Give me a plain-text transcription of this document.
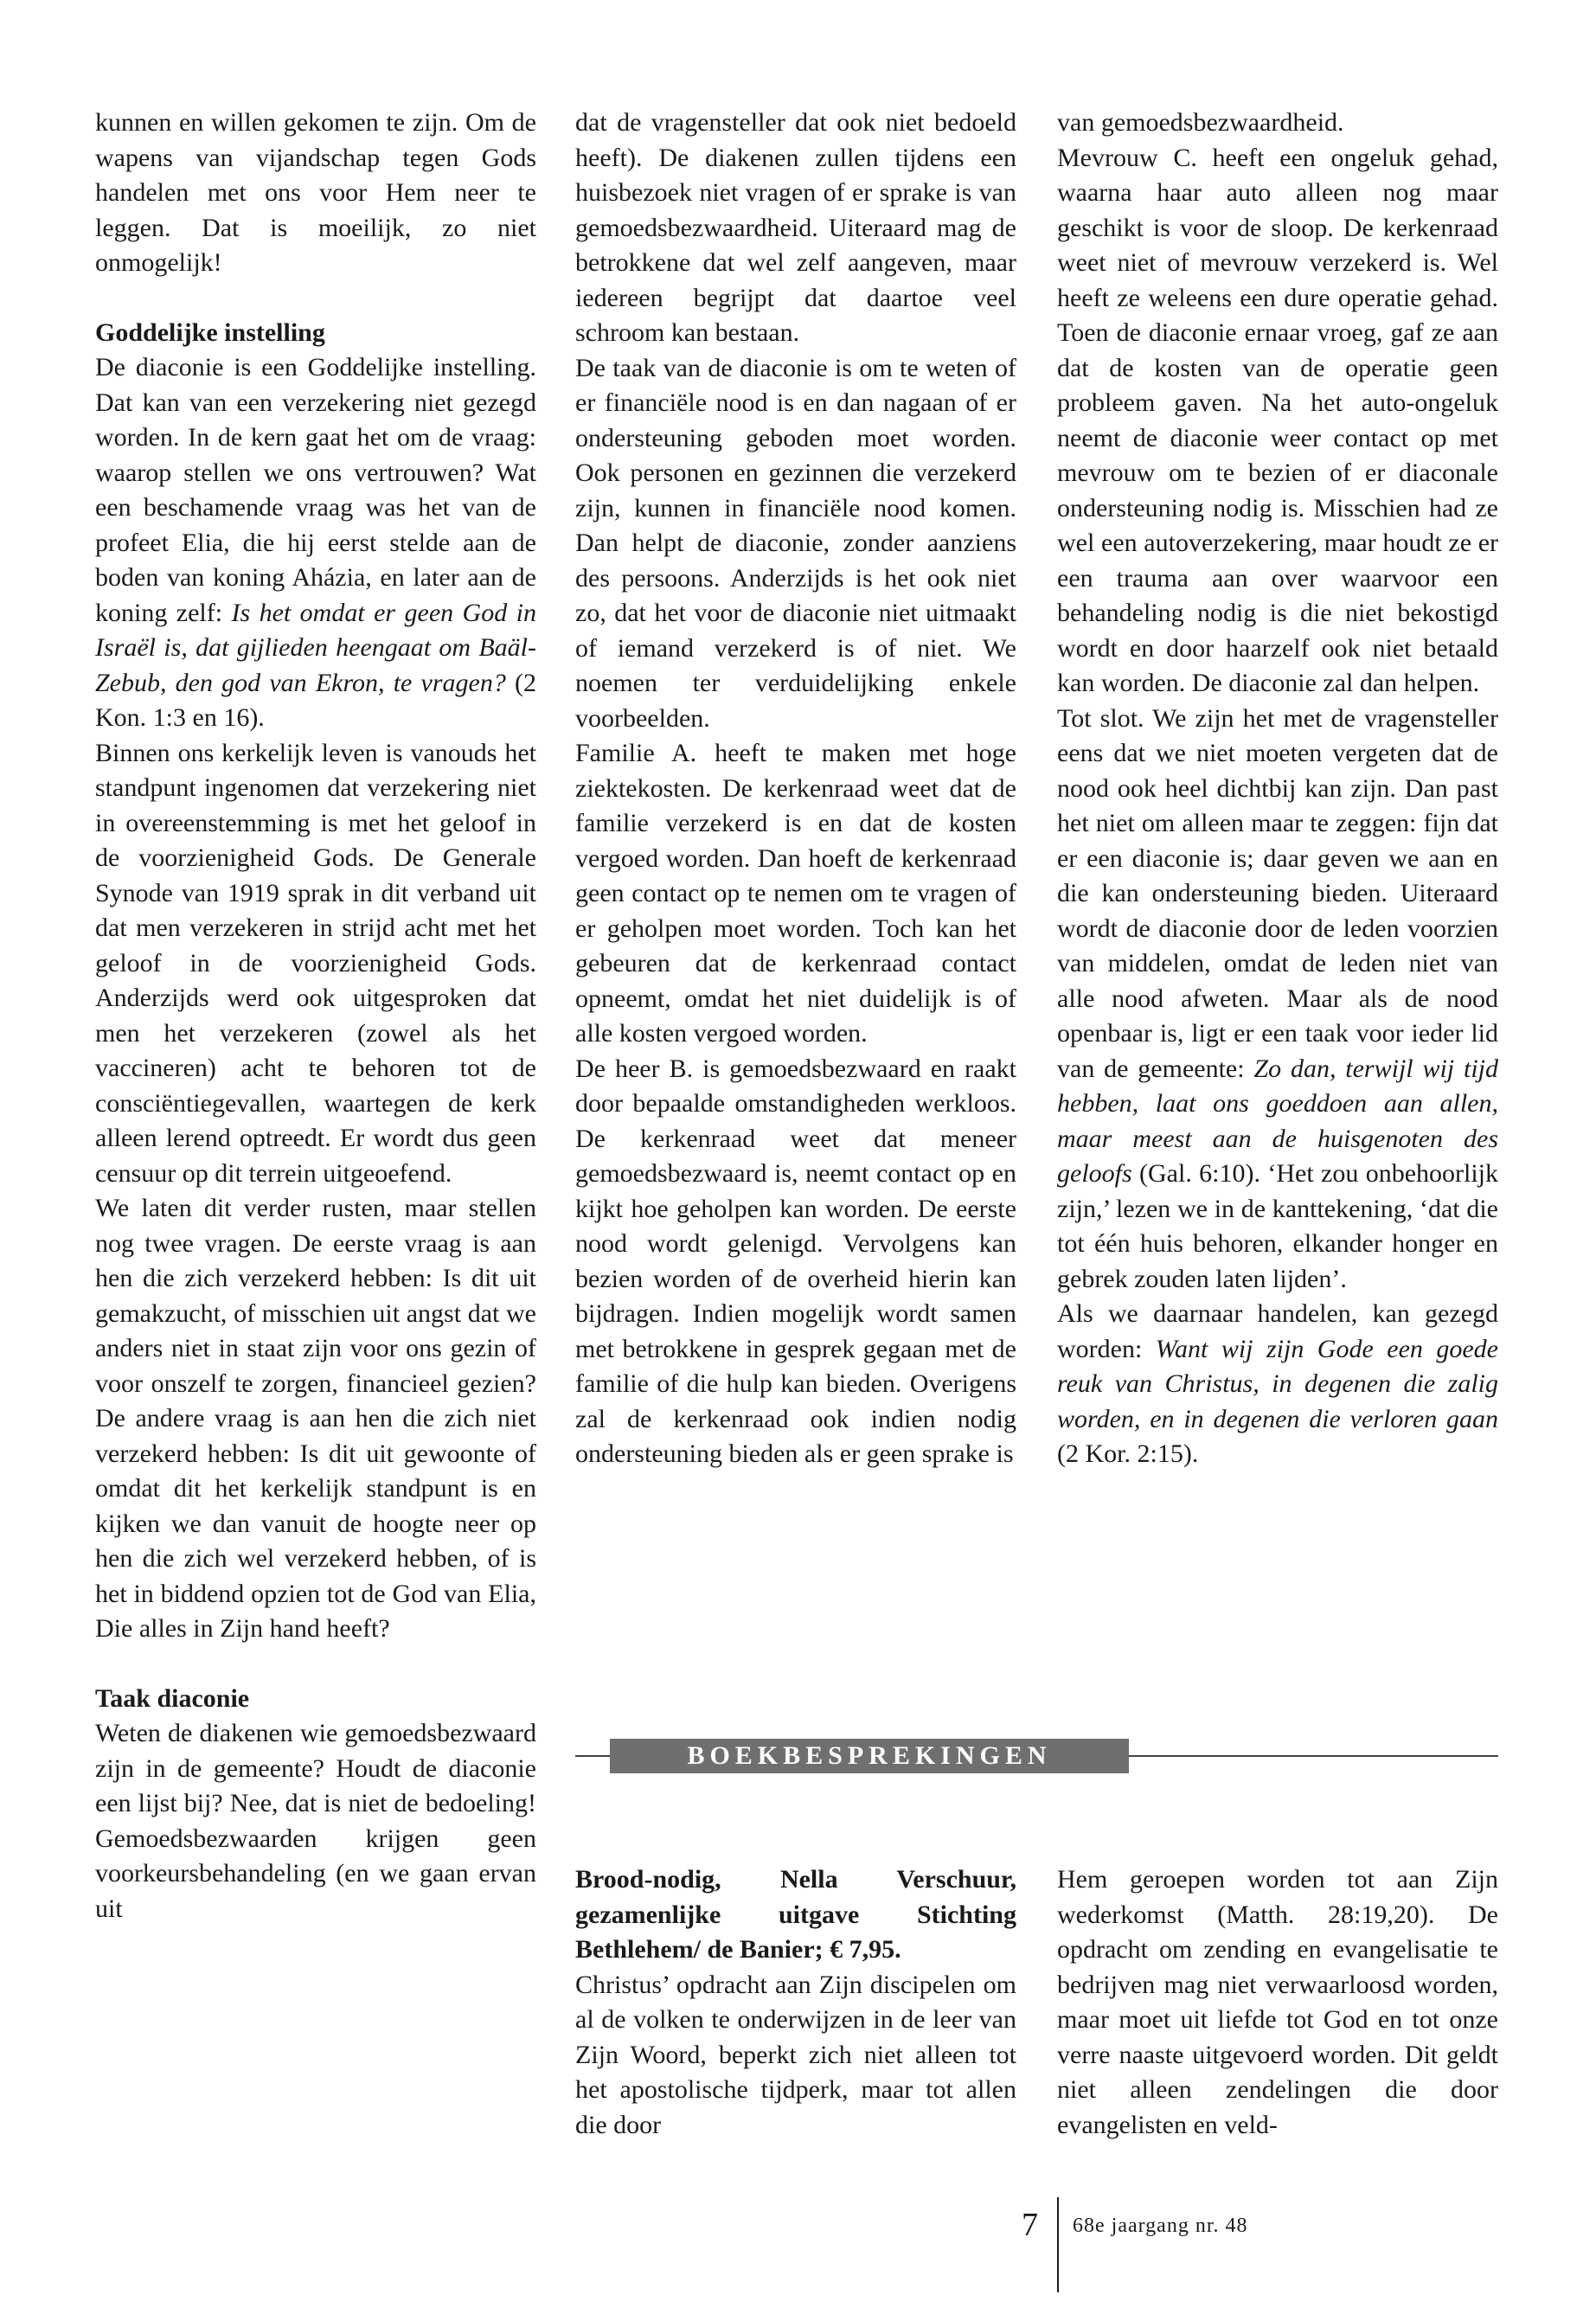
kunnen en willen gekomen te zijn. Om de wapens van vijandschap tegen Gods handelen met ons voor Hem neer te leggen. Dat is moeilijk, zo niet onmogelijk!

Goddelijke instelling

De diaconie is een Goddelijke instelling. Dat kan van een verzekering niet gezegd worden. In de kern gaat het om de vraag: waarop stellen we ons vertrouwen? Wat een beschamende vraag was het van de profeet Elia, die hij eerst stelde aan de boden van koning Aházia, en later aan de koning zelf: Is het omdat er geen God in Israël is, dat gijlieden heengaat om Baäl-Zebub, den god van Ekron, te vragen? (2 Kon. 1:3 en 16).

Binnen ons kerkelijk leven is vanouds het standpunt ingenomen dat verzekering niet in overeenstemming is met het geloof in de voorzienigheid Gods. De Generale Synode van 1919 sprak in dit verband uit dat men verzekeren in strijd acht met het geloof in de voorzienigheid Gods. Anderzijds werd ook uitgesproken dat men het verzekeren (zowel als het vaccineren) acht te behoren tot de consciëntiegevallen, waartegen de kerk alleen lerend optreedt. Er wordt dus geen censuur op dit terrein uitgeoefend.

We laten dit verder rusten, maar stellen nog twee vragen. De eerste vraag is aan hen die zich verzekerd hebben: Is dit uit gemakzucht, of misschien uit angst dat we anders niet in staat zijn voor ons gezin of voor onszelf te zorgen, financieel gezien? De andere vraag is aan hen die zich niet verzekerd hebben: Is dit uit gewoonte of omdat dit het kerkelijk standpunt is en kijken we dan vanuit de hoogte neer op hen die zich wel verzekerd hebben, of is het in biddend opzien tot de God van Elia, Die alles in Zijn hand heeft?

Taak diaconie

Weten de diakenen wie gemoedsbezwaard zijn in de gemeente? Houdt de diaconie een lijst bij? Nee, dat is niet de bedoeling! Gemoedsbezwaarden krijgen geen voorkeursbehandeling (en we gaan ervan uit

dat de vragensteller dat ook niet bedoeld heeft). De diakenen zullen tijdens een huisbezoek niet vragen of er sprake is van gemoedsbezwaardheid. Uiteraard mag de betrokkene dat wel zelf aangeven, maar iedereen begrijpt dat daartoe veel schroom kan bestaan.

De taak van de diaconie is om te weten of er financiële nood is en dan nagaan of er ondersteuning geboden moet worden. Ook personen en gezinnen die verzekerd zijn, kunnen in financiële nood komen. Dan helpt de diaconie, zonder aanziens des persoons. Anderzijds is het ook niet zo, dat het voor de diaconie niet uitmaakt of iemand verzekerd is of niet. We noemen ter verduidelijking enkele voorbeelden.

Familie A. heeft te maken met hoge ziektekosten. De kerkenraad weet dat de familie verzekerd is en dat de kosten vergoed worden. Dan hoeft de kerkenraad geen contact op te nemen om te vragen of er geholpen moet worden. Toch kan het gebeuren dat de kerkenraad contact opneemt, omdat het niet duidelijk is of alle kosten vergoed worden.

De heer B. is gemoedsbezwaard en raakt door bepaalde omstandigheden werkloos. De kerkenraad weet dat meneer gemoedsbezwaard is, neemt contact op en kijkt hoe geholpen kan worden. De eerste nood wordt gelenigd. Vervolgens kan bezien worden of de overheid hierin kan bijdragen. Indien mogelijk wordt samen met betrokkene in gesprek gegaan met de familie of die hulp kan bieden. Overigens zal de kerkenraad ook indien nodig ondersteuning bieden als er geen sprake is

van gemoedsbezwaardheid.

Mevrouw C. heeft een ongeluk gehad, waarna haar auto alleen nog maar geschikt is voor de sloop. De kerkenraad weet niet of mevrouw verzekerd is. Wel heeft ze weleens een dure operatie gehad. Toen de diaconie ernaar vroeg, gaf ze aan dat de kosten van de operatie geen probleem gaven. Na het auto-ongeluk neemt de diaconie weer contact op met mevrouw om te bezien of er diaconale ondersteuning nodig is. Misschien had ze wel een autoverzekering, maar houdt ze er een trauma aan over waarvoor een behandeling nodig is die niet bekostigd wordt en door haarzelf ook niet betaald kan worden. De diaconie zal dan helpen.

Tot slot. We zijn het met de vragensteller eens dat we niet moeten vergeten dat de nood ook heel dichtbij kan zijn. Dan past het niet om alleen maar te zeggen: fijn dat er een diaconie is; daar geven we aan en die kan ondersteuning bieden. Uiteraard wordt de diaconie door de leden voorzien van middelen, omdat de leden niet van alle nood afweten. Maar als de nood openbaar is, ligt er een taak voor ieder lid van de gemeente: Zo dan, terwijl wij tijd hebben, laat ons goeddoen aan allen, maar meest aan de huisgenoten des geloofs (Gal. 6:10). ‘Het zou onbehoorlijk zijn,’ lezen we in de kanttekening, ‘dat die tot één huis behoren, elkander honger en gebrek zouden laten lijden’.

Als we daarnaar handelen, kan gezegd worden: Want wij zijn Gode een goede reuk van Christus, in degenen die zalig worden, en in degenen die verloren gaan (2 Kor. 2:15).

BOEKBESPREKINGEN

Brood-nodig, Nella Verschuur, gezamenlijke uitgave Stichting Bethlehem/ de Banier; € 7,95.

Christus’ opdracht aan Zijn discipelen om al de volken te onderwijzen in de leer van Zijn Woord, beperkt zich niet alleen tot het apostolische tijdperk, maar tot allen die door

Hem geroepen worden tot aan Zijn wederkomst (Matth. 28:19,20). De opdracht om zending en evangelisatie te bedrijven mag niet verwaarloosd worden, maar moet uit liefde tot God en tot onze verre naaste uitgevoerd worden. Dit geldt niet alleen zendelingen die door evangelisten en veld-

7 68e jaargang nr. 48
